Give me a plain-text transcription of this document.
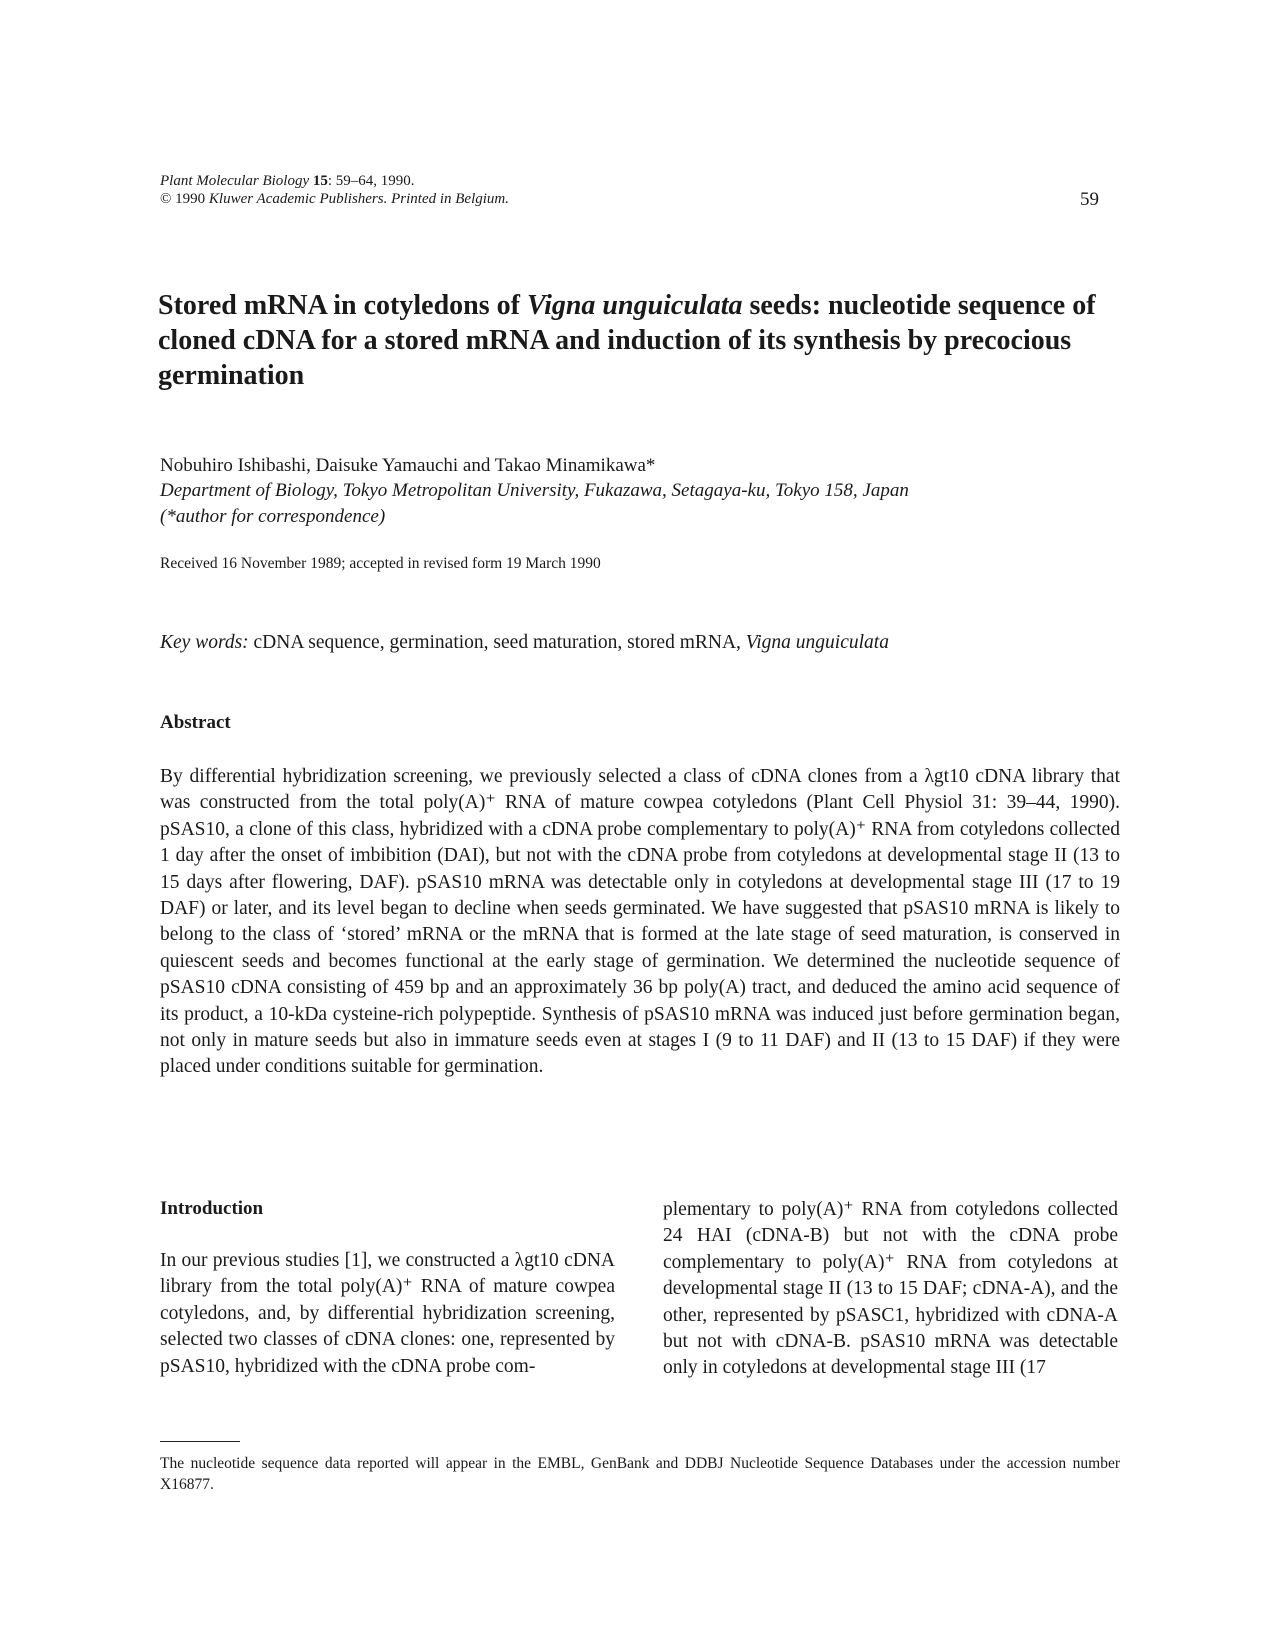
Plant Molecular Biology 15: 59–64, 1990.
© 1990 Kluwer Academic Publishers. Printed in Belgium.	59
Stored mRNA in cotyledons of Vigna unguiculata seeds: nucleotide sequence of cloned cDNA for a stored mRNA and induction of its synthesis by precocious germination
Nobuhiro Ishibashi, Daisuke Yamauchi and Takao Minamikawa*
Department of Biology, Tokyo Metropolitan University, Fukazawa, Setagaya-ku, Tokyo 158, Japan
(*author for correspondence)
Received 16 November 1989; accepted in revised form 19 March 1990
Key words: cDNA sequence, germination, seed maturation, stored mRNA, Vigna unguiculata
Abstract

By differential hybridization screening, we previously selected a class of cDNA clones from a λgt10 cDNA library that was constructed from the total poly(A)⁺ RNA of mature cowpea cotyledons (Plant Cell Physiol 31: 39–44, 1990). pSAS10, a clone of this class, hybridized with a cDNA probe complementary to poly(A)⁺ RNA from cotyledons collected 1 day after the onset of imbibition (DAI), but not with the cDNA probe from cotyledons at developmental stage II (13 to 15 days after flowering, DAF). pSAS10 mRNA was detectable only in cotyledons at developmental stage III (17 to 19 DAF) or later, and its level began to decline when seeds germinated. We have suggested that pSAS10 mRNA is likely to belong to the class of ‘stored’ mRNA or the mRNA that is formed at the late stage of seed maturation, is conserved in quiescent seeds and becomes functional at the early stage of germination. We determined the nucleotide sequence of pSAS10 cDNA consisting of 459 bp and an approximately 36 bp poly(A) tract, and deduced the amino acid sequence of its product, a 10-kDa cysteine-rich polypeptide. Synthesis of pSAS10 mRNA was induced just before germination began, not only in mature seeds but also in immature seeds even at stages I (9 to 11 DAF) and II (13 to 15 DAF) if they were placed under conditions suitable for germination.

Introduction

In our previous studies [1], we constructed a λgt10 cDNA library from the total poly(A)⁺ RNA of mature cowpea cotyledons, and, by differential hybridization screening, selected two classes of cDNA clones: one, represented by pSAS10, hybridized with the cDNA probe com-

plementary to poly(A)⁺ RNA from cotyledons collected 24 HAI (cDNA-B) but not with the cDNA probe complementary to poly(A)⁺ RNA from cotyledons at developmental stage II (13 to 15 DAF; cDNA-A), and the other, represented by pSASC1, hybridized with cDNA-A but not with cDNA-B. pSAS10 mRNA was detectable only in cotyledons at developmental stage III (17

The nucleotide sequence data reported will appear in the EMBL, GenBank and DDBJ Nucleotide Sequence Databases under the accession number X16877.
